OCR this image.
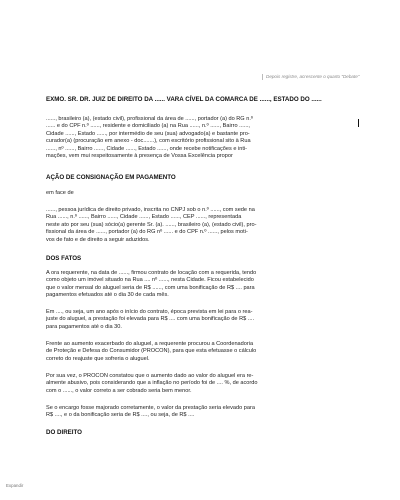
Depois registre, acrescente o quarto "Debate"
EXMO. SR. DR. JUIZ DE DIREITO DA ...... VARA CÍVEL DA COMARCA DE ......, ESTADO DO ......
......, brasileiro (a), (estado civil), profissional da área de ......, portador (a) do RG n.º
...... e do CPF n.º ......, residente e domiciliado (a) na Rua ......, n.º ......, Bairro ......,
Cidade ......, Estado ......, por intermédio de seu (sua) advogado(a) e bastante pro-
curador(a) (procuração em anexo - doc.......), com escritório profissional sito à Rua
......, nº ......, Bairro ......, Cidade ......, Estado ......, onde recebe notificações e inti-
mações, vem mui respeitosamente à presença de Vossa Excelência propor
AÇÃO DE CONSIGNAÇÃO EM PAGAMENTO
em face de
......, pessoa jurídica de direito privado, inscrita no CNPJ sob o n.º ......, com sede na
Rua ......, n.º ......, Bairro ......, Cidade ......, Estado ......, CEP ......, representada
neste ato por seu (sua) sócio(a) gerente Sr. (a). ......, brasileiro (a), (estado civil), pro-
fissional da área de ......, portador (a) do RG nº ...... e do CPF n.º ......, pelos moti-
vos de fato e de direito a seguir aduzidos.
DOS FATOS
A ora requerente, na data de ......, firmou contrato de locação com a requerida, tendo
como objeto um imóvel situado na Rua .... nº ......, nesta Cidade. Ficou estabelecido
que o valor mensal do aluguel seria de R$ ......, com uma bonificação de R$ .... para
pagamentos efetuados até o dia 30 de cada mês.
Em ...., ou seja, um ano após o início do contrato, época prevista em lei para o rea-
juste do aluguel, a prestação foi elevada para R$ .... com uma bonificação de R$ ....
para pagamentos até o dia 30.
Frente ao aumento exacerbado do aluguel, a requerente procurou a Coordenadoria
de Proteção e Defesa do Consumidor (PROCON), para que esta efetuasse o cálculo
correto do reajuste que sofreria o aluguel.
Por sua vez, o PROCON constatou que o aumento dado ao valor do aluguel era re-
almente abusivo, pois considerando que a inflação no período foi de .... %, de acordo
com o ......, o valor correto a ser cobrado seria bem menor.
Se o encargo fosse majorado corretamente, o valor da prestação seria elevado para
R$ ...., e o da bonificação seria de R$ ...., ou seja, de R$ ....
DO DIREITO
Expandir
